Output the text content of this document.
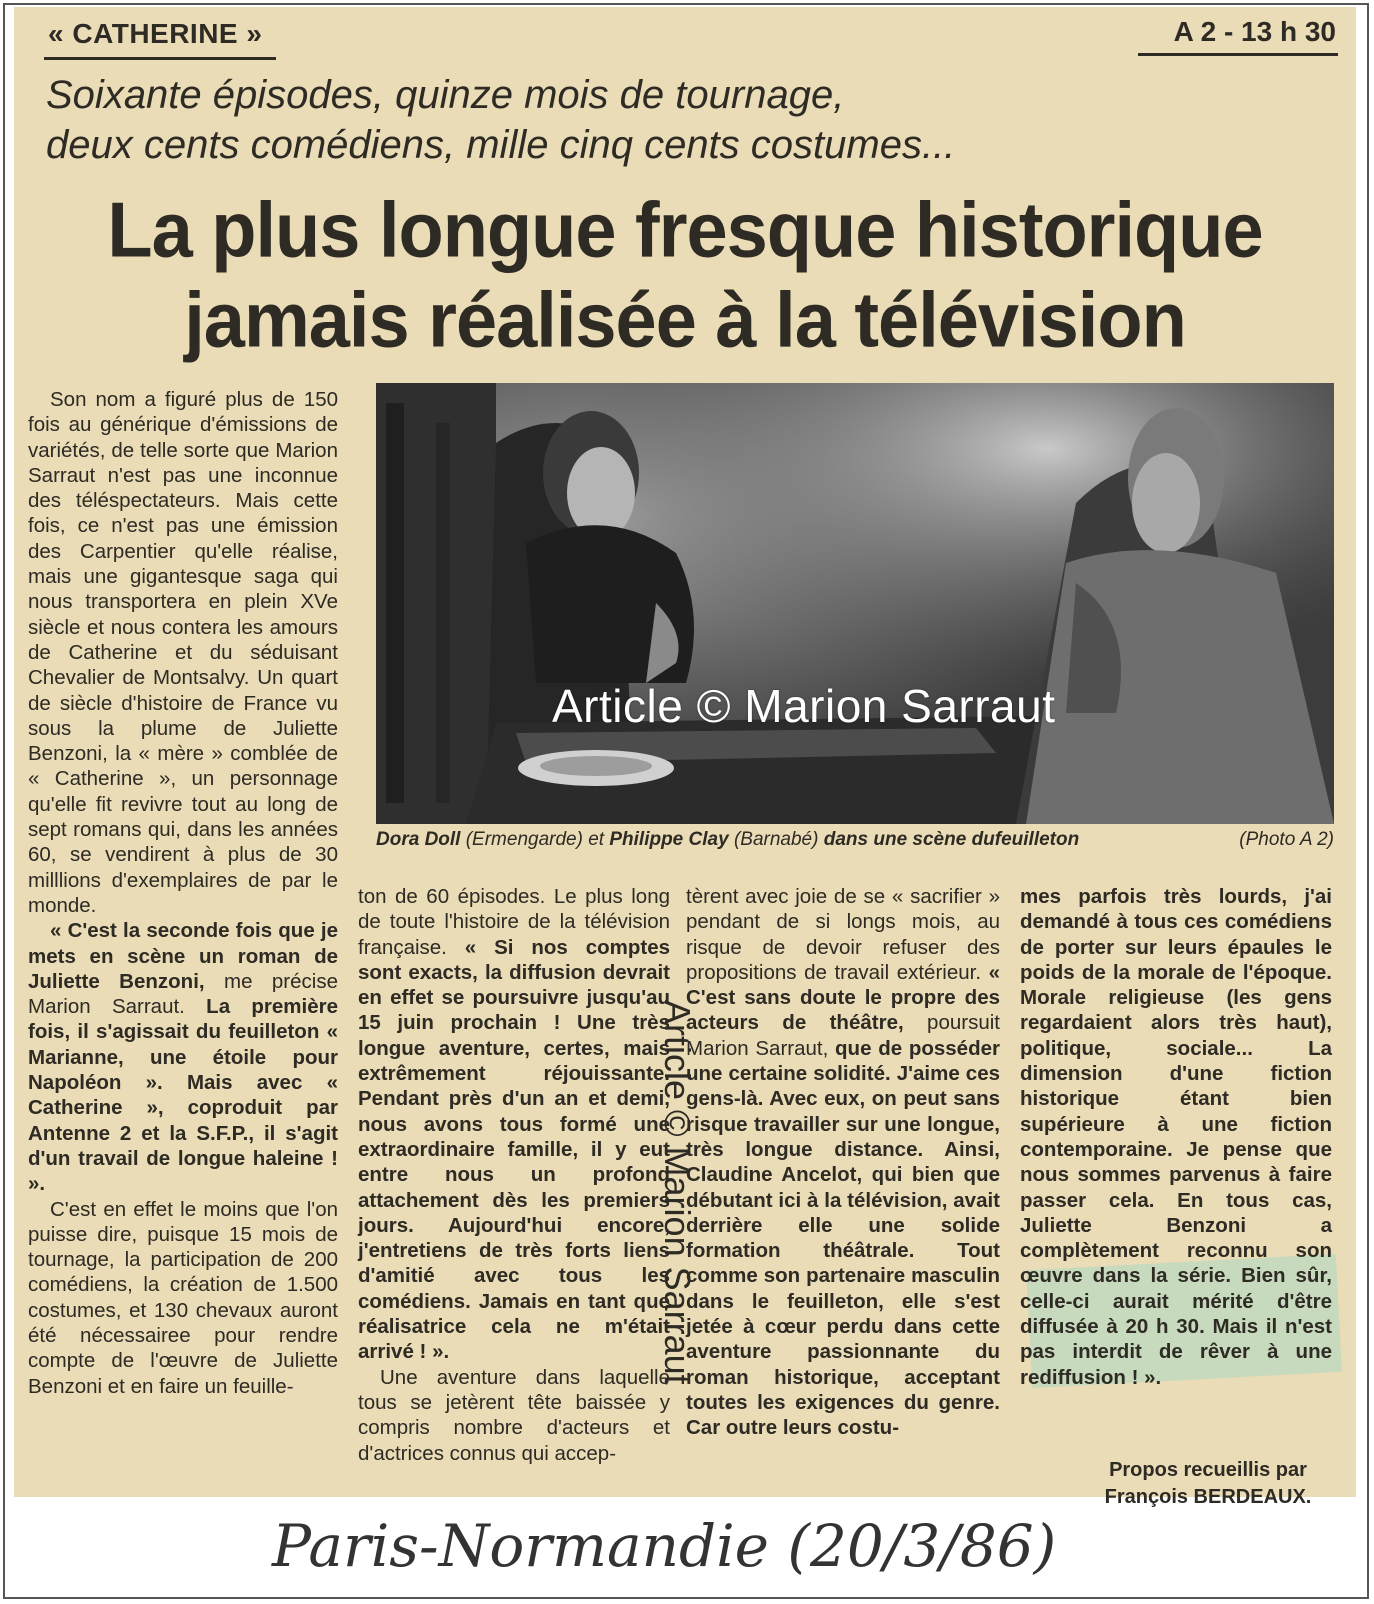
« CATHERINE »	A 2 - 13 h 30
Soixante épisodes, quinze mois de tournage,
deux cents comédiens, mille cinq cents costumes...
La plus longue fresque historique
jamais réalisée à la télévision
Article © Marion Sarraut
Dora Doll (Ermengarde) et Philippe Clay (Barnabé) dans une scène dufeuilleton	(Photo A 2)

Son nom a figuré plus de 150 fois au générique d'émissions de variétés, de telle sorte que Marion Sarraut n'est pas une inconnue des téléspectateurs. Mais cette fois, ce n'est pas une émission des Carpentier qu'elle réalise, mais une gigantesque saga qui nous transportera en plein XVe siècle et nous contera les amours de Catherine et du séduisant Chevalier de Montsalvy. Un quart de siècle d'histoire de France vu sous la plume de Juliette Benzoni, la « mère » comblée de « Catherine », un personnage qu'elle fit revivre tout au long de sept romans qui, dans les années 60, se vendirent à plus de 30 milllions d'exemplaires de par le monde.

« C'est la seconde fois que je mets en scène un roman de Juliette Benzoni, me précise Marion Sarraut. La première fois, il s'agissait du feuilleton « Marianne, une étoile pour Napoléon ». Mais avec « Catherine », coproduit par Antenne 2 et la S.F.P., il s'agit d'un travail de longue haleine ! ».

C'est en effet le moins que l'on puisse dire, puisque 15 mois de tournage, la participation de 200 comédiens, la création de 1.500 costumes, et 130 chevaux auront été nécessairee pour rendre compte de l'œuvre de Juliette Benzoni et en faire un feuille-

ton de 60 épisodes. Le plus long de toute l'histoire de la télévision française. « Si nos comptes sont exacts, la diffusion devrait en effet se poursuivre jusqu'au 15 juin prochain ! Une très longue aventure, certes, mais extrêmement réjouissante. Pendant près d'un an et demi, nous avons tous formé une extraordinaire famille, il y eut entre nous un profond attachement dès les premiers jours. Aujourd'hui encore, j'entretiens de très forts liens d'amitié avec tous les comédiens. Jamais en tant que réalisatrice cela ne m'était arrivé ! ».

Une aventure dans laquelle tous se jetèrent tête baissée y compris nombre d'acteurs et d'actrices connus qui accep-

tèrent avec joie de se « sacrifier » pendant de si longs mois, au risque de devoir refuser des propositions de travail extérieur. « C'est sans doute le propre des acteurs de théâtre, poursuit Marion Sarraut, que de posséder une certaine solidité. J'aime ces gens-là. Avec eux, on peut sans risque travailler sur une longue, très longue distance. Ainsi, Claudine Ancelot, qui bien que débutant ici à la télévision, avait derrière elle une solide formation théâtrale. Tout comme son partenaire masculin dans le feuilleton, elle s'est jetée à cœur perdu dans cette aventure passionnante du roman historique, acceptant toutes les exigences du genre. Car outre leurs costu-

mes parfois très lourds, j'ai demandé à tous ces comédiens de porter sur leurs épaules le poids de la morale de l'époque. Morale religieuse (les gens regardaient alors très haut), politique, sociale... La dimension d'une fiction historique étant bien supérieure à une fiction contemporaine. Je pense que nous sommes parvenus à faire passer cela. En tous cas, Juliette Benzoni a complètement reconnu son œuvre dans la série. Bien sûr, celle-ci aurait mérité d'être diffusée à 20 h 30. Mais il n'est pas interdit de rêver à une rediffusion ! ».

Propos recueillis par
François BERDEAUX.
Article © Marion Sarraut
Paris-Normandie (20/3/86)
